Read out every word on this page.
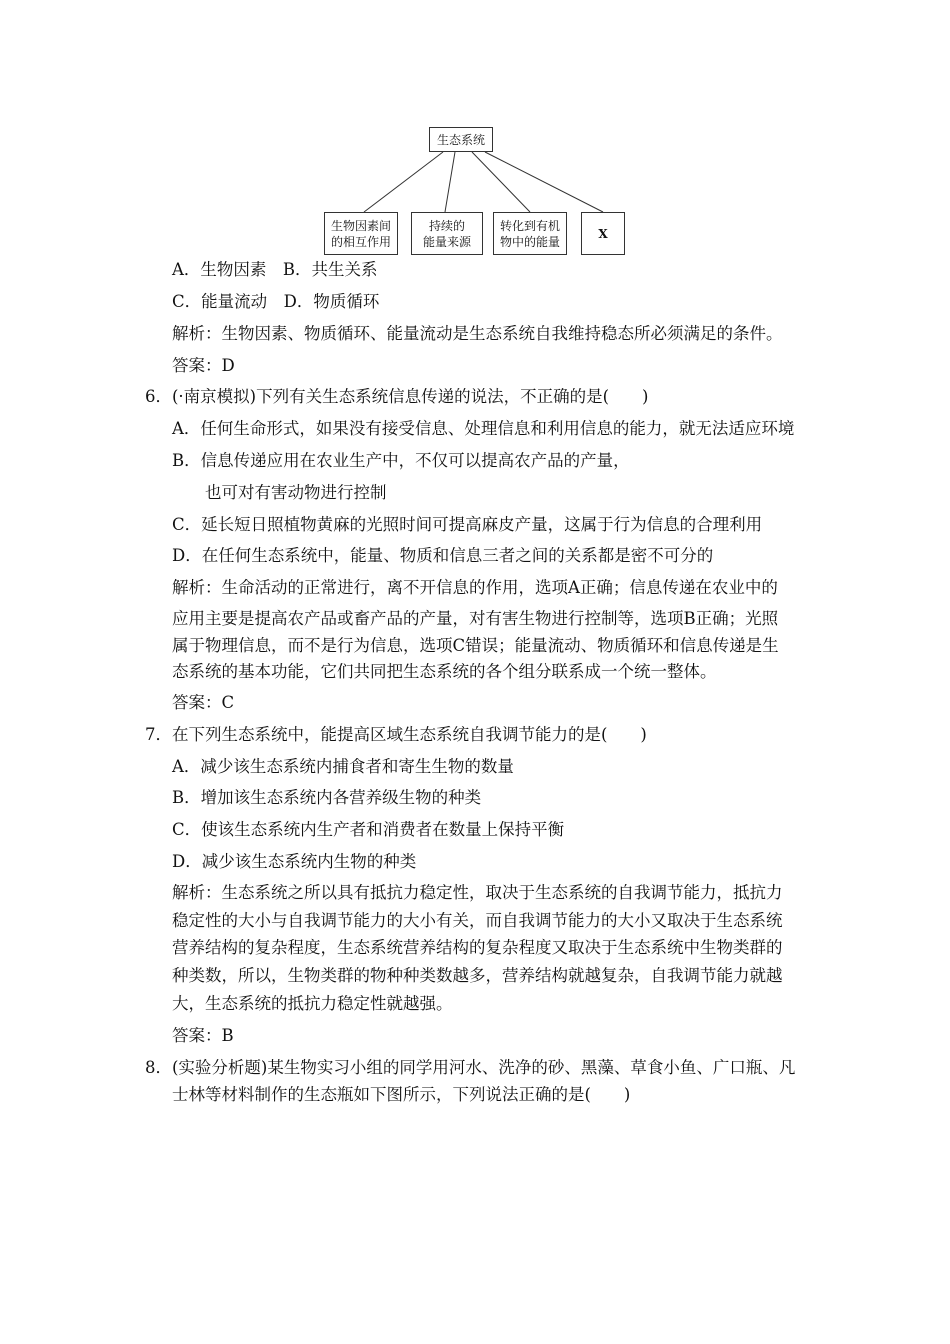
生态系统
生物因素间
的相互作用
持续的
能量来源
转化到有机
物中的能量
X
A．生物因素　B．共生关系
C．能量流动　D．物质循环
解析：生物因素、物质循环、能量流动是生态系统自我维持稳态所必须满足的条件。
答案：D
6．(·南京模拟)下列有关生态系统信息传递的说法，不正确的是(　　)
A．任何生命形式，如果没有接受信息、处理信息和利用信息的能力，就无法适应环境
B．信息传递应用在农业生产中，不仅可以提高农产品的产量，
也可对有害动物进行控制
C．延长短日照植物黄麻的光照时间可提高麻皮产量，这属于行为信息的合理利用
D．在任何生态系统中，能量、物质和信息三者之间的关系都是密不可分的
解析：生命活动的正常进行，离不开信息的作用，选项A正确；信息传递在农业中的
应用主要是提高农产品或畜产品的产量，对有害生物进行控制等，选项B正确；光照
属于物理信息，而不是行为信息，选项C错误；能量流动、物质循环和信息传递是生
态系统的基本功能，它们共同把生态系统的各个组分联系成一个统一整体。
答案：C
7．在下列生态系统中，能提高区域生态系统自我调节能力的是(　　)
A．减少该生态系统内捕食者和寄生生物的数量
B．增加该生态系统内各营养级生物的种类
C．使该生态系统内生产者和消费者在数量上保持平衡
D．减少该生态系统内生物的种类
解析：生态系统之所以具有抵抗力稳定性，取决于生态系统的自我调节能力，抵抗力
稳定性的大小与自我调节能力的大小有关，而自我调节能力的大小又取决于生态系统
营养结构的复杂程度，生态系统营养结构的复杂程度又取决于生态系统中生物类群的
种类数，所以，生物类群的物种种类数越多，营养结构就越复杂，自我调节能力就越
大，生态系统的抵抗力稳定性就越强。
答案：B
8．(实验分析题)某生物实习小组的同学用河水、洗净的砂、黑藻、草食小鱼、广口瓶、凡
士林等材料制作的生态瓶如下图所示，下列说法正确的是(　　)
